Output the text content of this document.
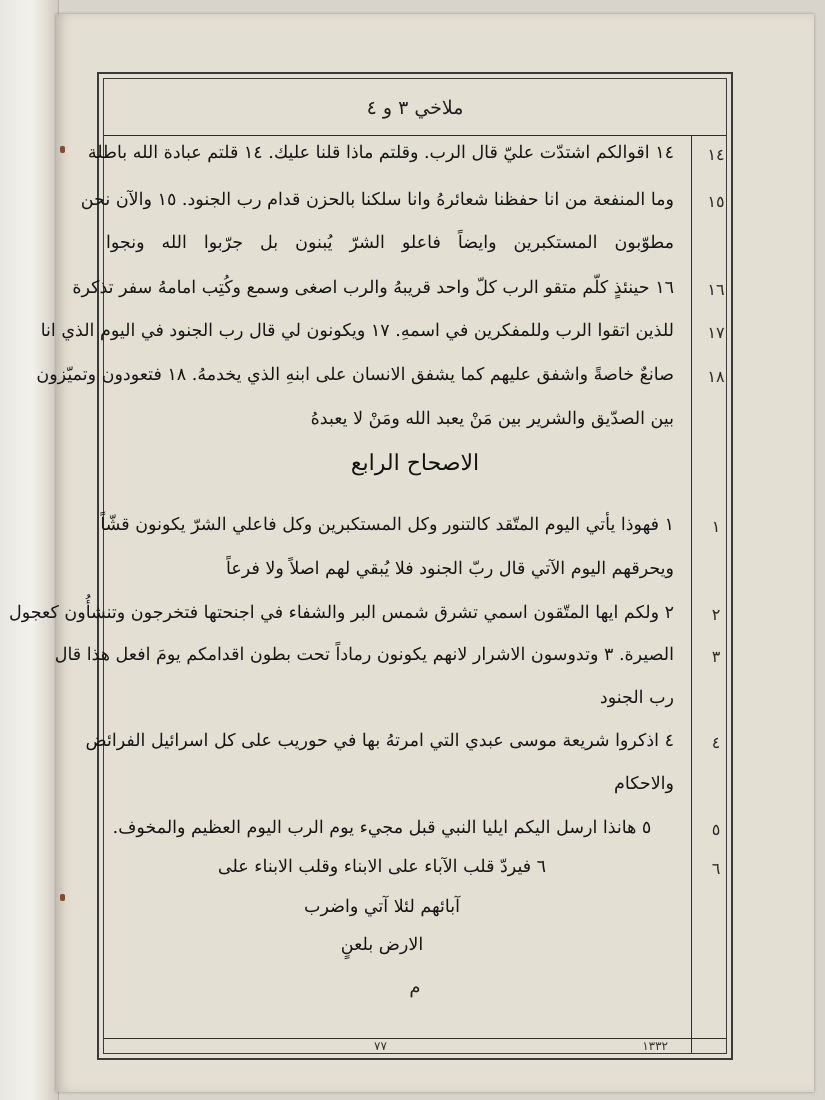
ملاخي ٣ و ٤
١٤
١٤ اقوالكم اشتدّت عليّ قال الرب. وقلتم ماذا قلنا عليك. ١٤ قلتم عبادة الله باطلة
١٥
وما المنفعة من انا حفظنا شعائرهُ وانا سلكنا بالحزن قدام رب الجنود. ١٥ والآن نحن
مطوّبون المستكبرين وايضاً فاعلو الشرّ يُبنون بل جرّبوا الله ونجوا
١٦
١٦ حينئذٍ كلّم متقو الرب كلّ واحد قريبهُ والرب اصغى وسمع وكُتِب امامهُ سفر تذكرة
١٧
للذين اتقوا الرب وللمفكرين في اسمهِ. ١٧ ويكونون لي قال رب الجنود في اليوم الذي انا
١٨
صانعٌ خاصةً واشفق عليهم كما يشفق الانسان على ابنهِ الذي يخدمهُ. ١٨ فتعودون وتميّزون
بين الصدّيق والشرير بين مَنْ يعبد الله ومَنْ لا يعبدهُ
الاصحاح الرابع
١
١ فهوذا يأتي اليوم المتّقد كالتنور وكل المستكبرين وكل فاعلي الشرّ يكونون قشّاً
ويحرقهم اليوم الآتي قال ربّ الجنود فلا يُبقي لهم اصلاً ولا فرعاً
٢
٢ ولكم ايها المتّقون اسمي تشرق شمس البر والشفاء في اجنحتها فتخرجون وتنشأُون كعجول
٣
الصيرة. ٣ وتدوسون الاشرار لانهم يكونون رماداً تحت بطون اقدامكم يومَ افعل هذا قال
رب الجنود
٤
٤ اذكروا شريعة موسى عبدي التي امرتهُ بها في حوريب على كل اسرائيل الفرائض
والاحكام
٥
٥ هانذا ارسل اليكم ايليا النبي قبل مجيء يوم الرب اليوم العظيم والمخوف.
٦
٦ فيردّ قلب الآباء على الابناء وقلب الابناء على
آبائهم لئلا آتي واضرب
الارض بلعنٍ
م
٧٧	١٣٣٢
